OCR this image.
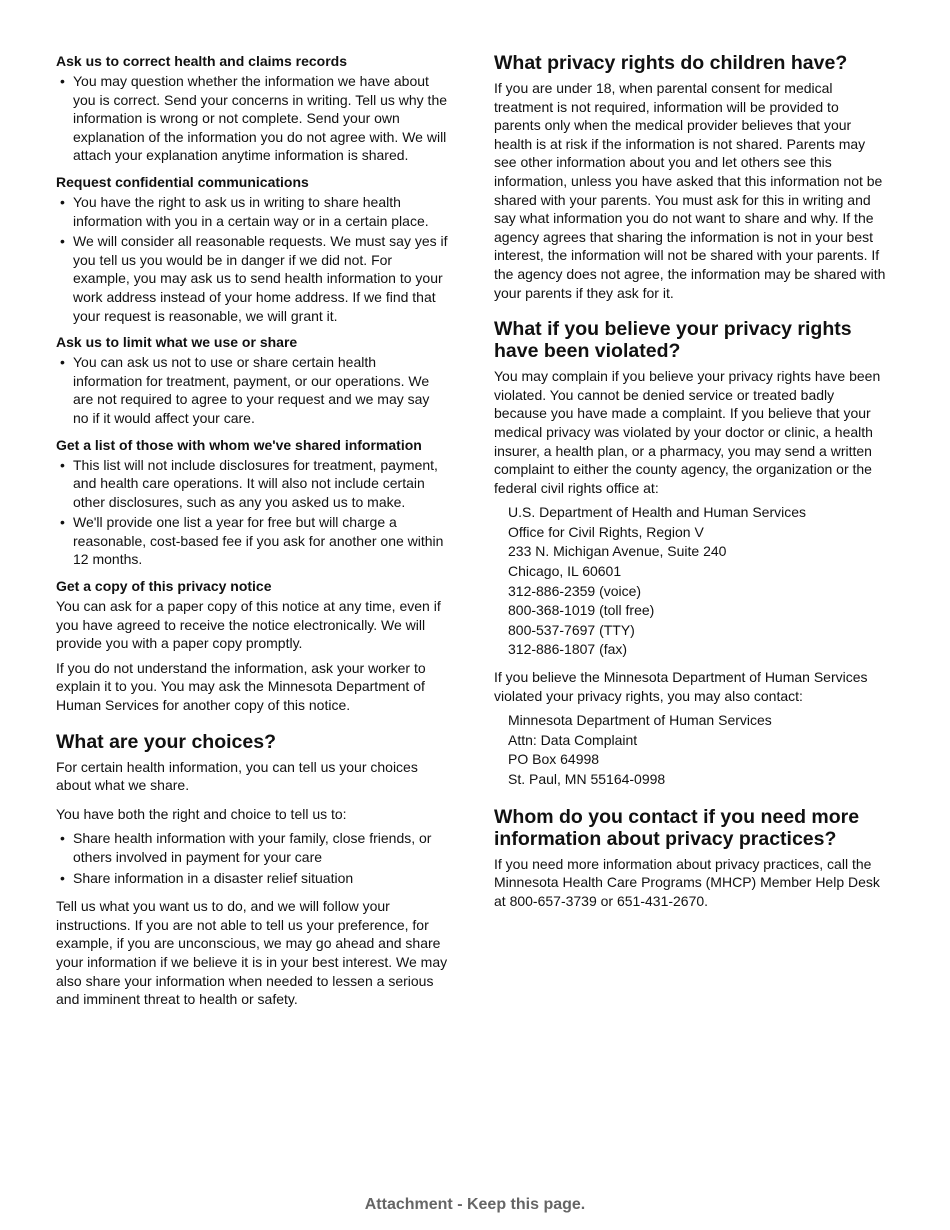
Ask us to correct health and claims records
• You may question whether the information we have about you is correct. Send your concerns in writing. Tell us why the information is wrong or not complete. Send your own explanation of the information you do not agree with. We will attach your explanation anytime information is shared.
Request confidential communications
• You have the right to ask us in writing to share health information with you in a certain way or in a certain place.
• We will consider all reasonable requests. We must say yes if you tell us you would be in danger if we did not. For example, you may ask us to send health information to your work address instead of your home address. If we find that your request is reasonable, we will grant it.
Ask us to limit what we use or share
• You can ask us not to use or share certain health information for treatment, payment, or our operations. We are not required to agree to your request and we may say no if it would affect your care.
Get a list of those with whom we've shared information
• This list will not include disclosures for treatment, payment, and health care operations. It will also not include certain other disclosures, such as any you asked us to make.
• We'll provide one list a year for free but will charge a reasonable, cost-based fee if you ask for another one within 12 months.
Get a copy of this privacy notice

You can ask for a paper copy of this notice at any time, even if you have agreed to receive the notice electronically. We will provide you with a paper copy promptly.

If you do not understand the information, ask your worker to explain it to you. You may ask the Minnesota Department of Human Services for another copy of this notice.

What are your choices?

For certain health information, you can tell us your choices about what we share.

You have both the right and choice to tell us to:

• Share health information with your family, close friends, or others involved in payment for your care
• Share information in a disaster relief situation

Tell us what you want us to do, and we will follow your instructions. If you are not able to tell us your preference, for example, if you are unconscious, we may go ahead and share your information if we believe it is in your best interest. We may also share your information when needed to lessen a serious and imminent threat to health or safety.

What privacy rights do children have?

If you are under 18, when parental consent for medical treatment is not required, information will be provided to parents only when the medical provider believes that your health is at risk if the information is not shared. Parents may see other information about you and let others see this information, unless you have asked that this information not be shared with your parents. You must ask for this in writing and say what information you do not want to share and why. If the agency agrees that sharing the information is not in your best interest, the information will not be shared with your parents. If the agency does not agree, the information may be shared with your parents if they ask for it.

What if you believe your privacy rights have been violated?

You may complain if you believe your privacy rights have been violated. You cannot be denied service or treated badly because you have made a complaint. If you believe that your medical privacy was violated by your doctor or clinic, a health insurer, a health plan, or a pharmacy, you may send a written complaint to either the county agency, the organization or the federal civil rights office at:

U.S. Department of Health and Human Services
Office for Civil Rights, Region V
233 N. Michigan Avenue, Suite 240
Chicago, IL 60601
312-886-2359 (voice)
800-368-1019 (toll free)
800-537-7697 (TTY)
312-886-1807 (fax)

If you believe the Minnesota Department of Human Services violated your privacy rights, you may also contact:

Minnesota Department of Human Services
Attn: Data Complaint
PO Box 64998
St. Paul, MN 55164-0998
Whom do you contact if you need more information about privacy practices?

If you need more information about privacy practices, call the Minnesota Health Care Programs (MHCP) Member Help Desk at 800-657-3739 or 651-431-2670.

Attachment - Keep this page.
